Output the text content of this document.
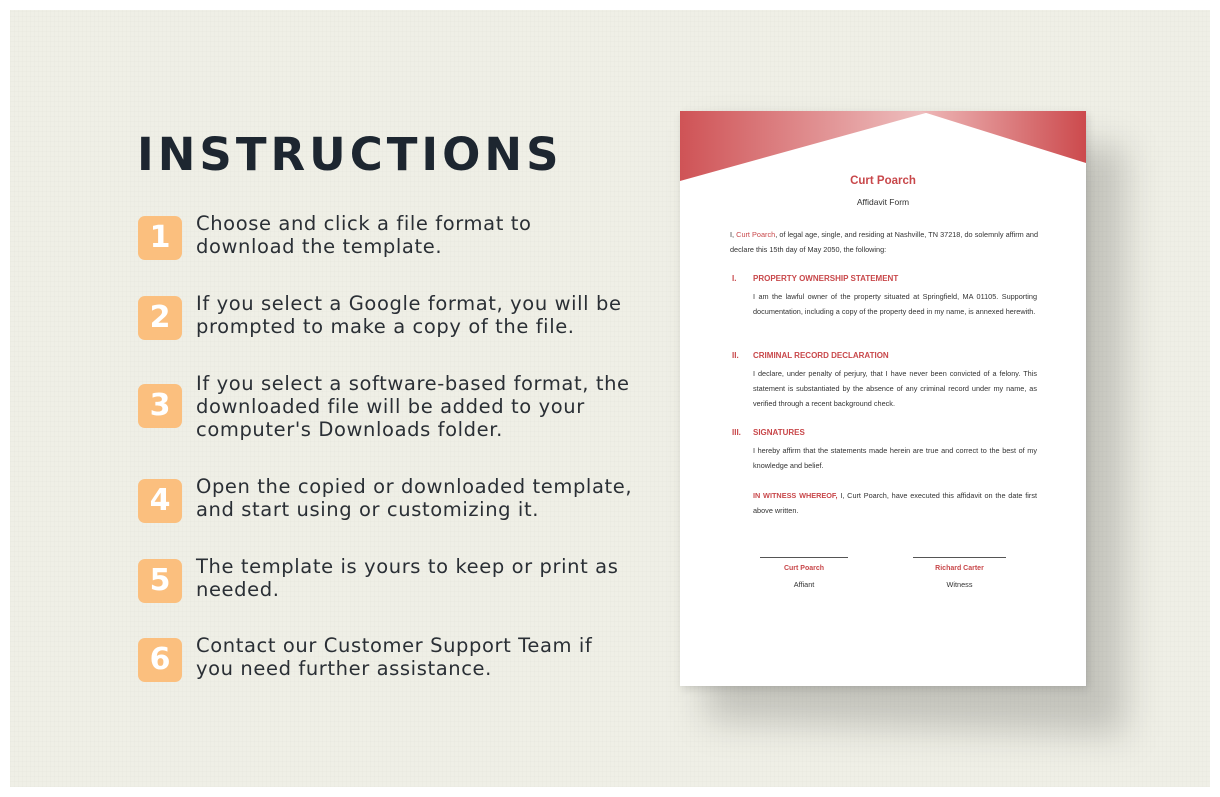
INSTRUCTIONS
1	Choose and click a file format to download the template.

2	If you select a Google format, you will be prompted to make a copy of the file.

3

If you select a software-based format, the downloaded file will be added to your computer's Downloads folder.

4	Open the copied or downloaded template, and start using or customizing it.

5	The template is yours to keep or print as needed.

6	Contact our Customer Support Team if you need further assistance.

Curt Poarch
Affidavit Form

I, Curt Poarch, of legal age, single, and residing at Nashville, TN 37218, do solemnly affirm and declare this 15th day of May 2050, the following:

I. PROPERTY OWNERSHIP STATEMENT

I am the lawful owner of the property situated at Springfield, MA 01105. Supporting documentation, including a copy of the property deed in my name, is annexed herewith.

II. CRIMINAL RECORD DECLARATION

I declare, under penalty of perjury, that I have never been convicted of a felony. This statement is substantiated by the absence of any criminal record under my name, as verified through a recent background check.

III. SIGNATURES

I hereby affirm that the statements made herein are true and correct to the best of my knowledge and belief.

IN WITNESS WHEREOF, I, Curt Poarch, have executed this affidavit on the date first above written.

Curt Poarch
Affiant
Richard Carter
Witness
